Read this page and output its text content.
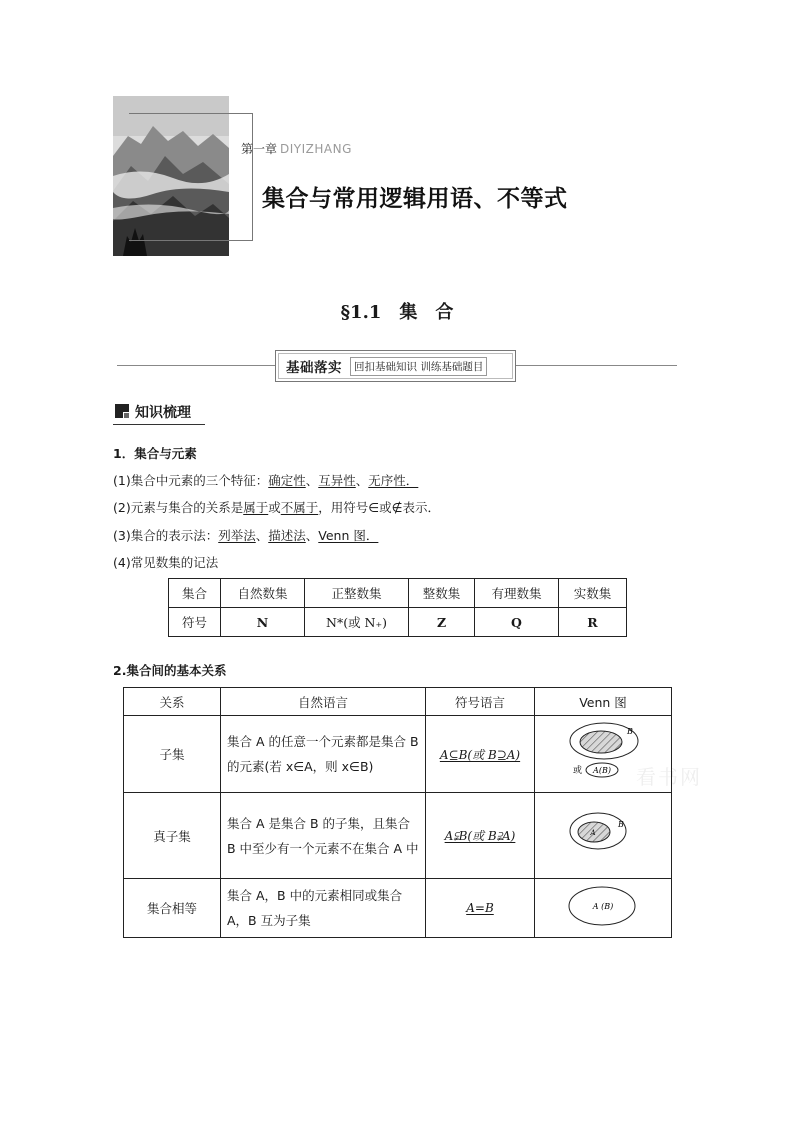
第一章 DIYIZHANG
集合与常用逻辑用语、不等式
§1.1　集　合
基础落实	回扣基础知识 训练基础题目
知识梳理
1．集合与元素
(1)集合中元素的三个特征：确定性、互异性、无序性．
(2)元素与集合的关系是属于或不属于，用符号∈或∉表示．
(3)集合的表示法：列举法、描述法、Venn 图．
(4)常见数集的记法
集合	自然数集	正整数集	整数集	有理数集	实数集
符号	N	N*(或 N₊)	Z	Q	R
2.集合间的基本关系
看书网
关系	自然语言	符号语言	Venn 图
子集	集合 A 的任意一个元素都是集合 B 的元素(若 x∈A，则 x∈B)	A⊆B(或 B⊇A)	B
或 A(B)

真子集	集合 A 是集合 B 的子集，且集合 B 中至少有一个元素不在集合 A 中	A⫋B(或 B⫌A)	A
B

集合相等	集合 A，B 中的元素相同或集合 A，B 互为子集	A=B	A (B)
